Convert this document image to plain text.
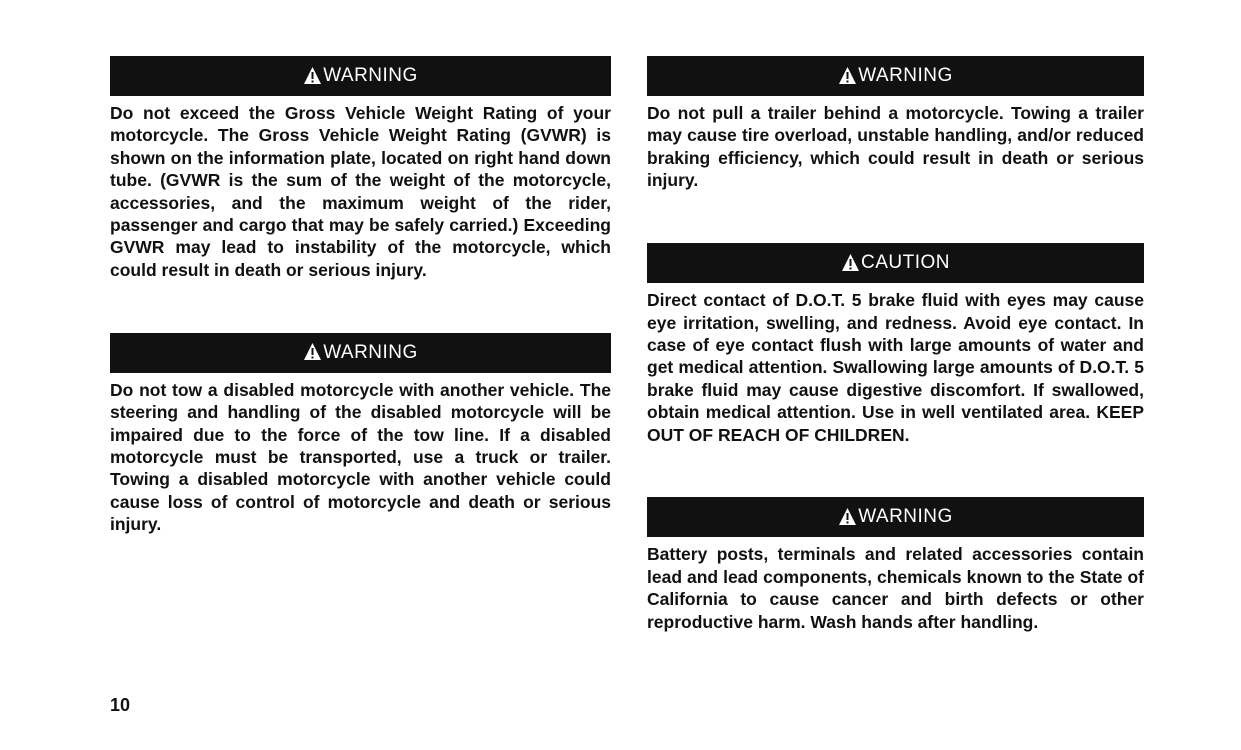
WARNING

Do not exceed the Gross Vehicle Weight Rating of your motorcycle. The Gross Vehicle Weight Rating (GVWR) is shown on the information plate, located on right hand down tube. (GVWR is the sum of the weight of the motorcycle, accessories, and the maximum weight of the rider, passenger and cargo that may be safely carried.) Exceeding GVWR may lead to instability of the motorcycle, which could result in death or serious injury.

WARNING

Do not tow a disabled motorcycle with another vehicle. The steering and handling of the disabled motorcycle will be impaired due to the force of the tow line. If a disabled motorcycle must be transported, use a truck or trailer. Towing a disabled motorcycle with another vehicle could cause loss of control of motorcycle and death or serious injury.

WARNING

Do not pull a trailer behind a motorcycle. Towing a trailer may cause tire overload, unstable handling, and/or reduced braking efficiency, which could result in death or serious injury.

CAUTION

Direct contact of D.O.T. 5 brake fluid with eyes may cause eye irritation, swelling, and redness. Avoid eye contact. In case of eye contact flush with large amounts of water and get medical attention. Swallowing large amounts of D.O.T. 5 brake fluid may cause digestive discomfort. If swallowed, obtain medical attention. Use in well ventilated area. KEEP OUT OF REACH OF CHILDREN.

WARNING

Battery posts, terminals and related accessories contain lead and lead components, chemicals known to the State of California to cause cancer and birth defects or other reproductive harm. Wash hands after handling.

10
